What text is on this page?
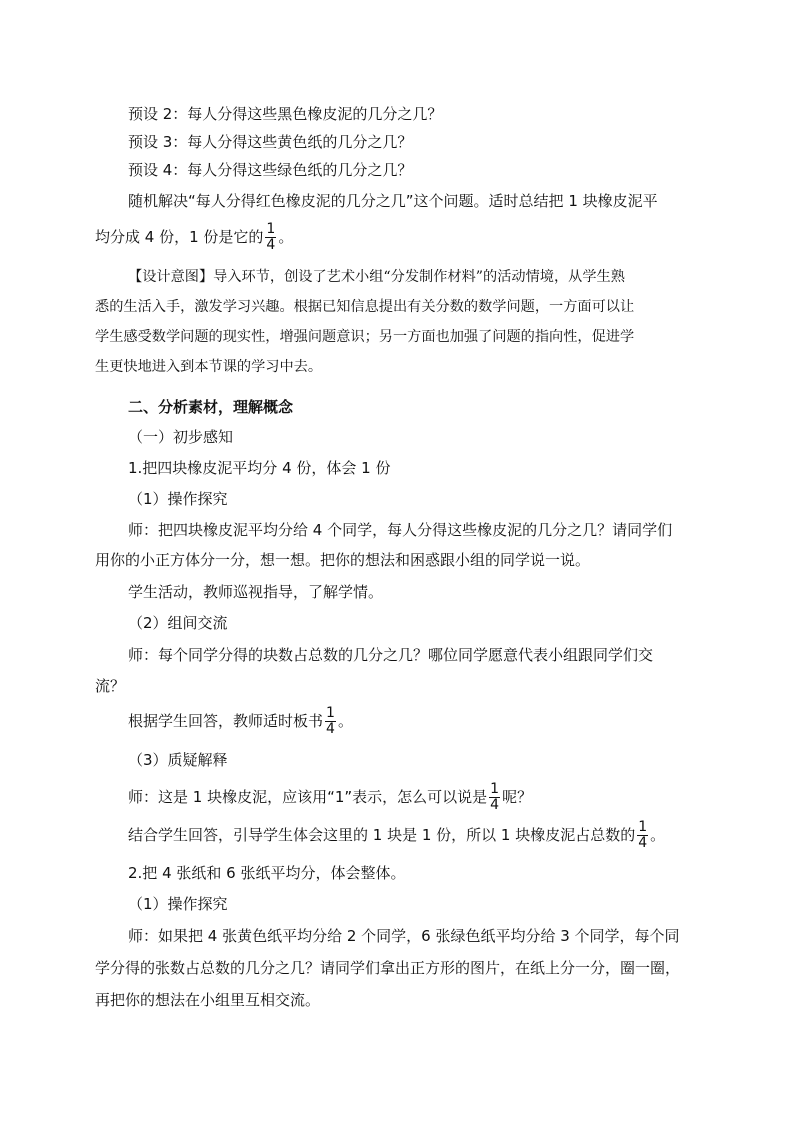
预设 2：每人分得这些黑色橡皮泥的几分之几？
预设 3：每人分得这些黄色纸的几分之几？
预设 4：每人分得这些绿色纸的几分之几？
随机解决“每人分得红色橡皮泥的几分之几”这个问题。适时总结把 1 块橡皮泥平
均分成 4 份，1 份是它的 $\frac{1}{4}$ 。
【设计意图】导入环节，创设了艺术小组“分发制作材料”的活动情境，从学生熟
悉的生活入手，激发学习兴趣。根据已知信息提出有关分数的数学问题，一方面可以让
学生感受数学问题的现实性，增强问题意识；另一方面也加强了问题的指向性，促进学
生更快地进入到本节课的学习中去。
二、分析素材，理解概念
（一）初步感知
1.把四块橡皮泥平均分 4 份，体会 1 份
（1）操作探究
师：把四块橡皮泥平均分给 4 个同学，每人分得这些橡皮泥的几分之几？请同学们
用你的小正方体分一分，想一想。把你的想法和困惑跟小组的同学说一说。
学生活动，教师巡视指导，了解学情。
（2）组间交流
师：每个同学分得的块数占总数的几分之几？哪位同学愿意代表小组跟同学们交
流？
根据学生回答，教师适时板书 $\frac{1}{4}$ 。
（3）质疑解释
师：这是 1 块橡皮泥，应该用“1”表示，怎么可以说是 $\frac{1}{4}$ 呢？
结合学生回答，引导学生体会这里的 1 块是 1 份，所以 1 块橡皮泥占总数的 $\frac{1}{4}$ 。
2.把 4 张纸和 6 张纸平均分，体会整体。
（1）操作探究
师：如果把 4 张黄色纸平均分给 2 个同学，6 张绿色纸平均分给 3 个同学，每个同
学分得的张数占总数的几分之几？请同学们拿出正方形的图片，在纸上分一分，圈一圈，
再把你的想法在小组里互相交流。
